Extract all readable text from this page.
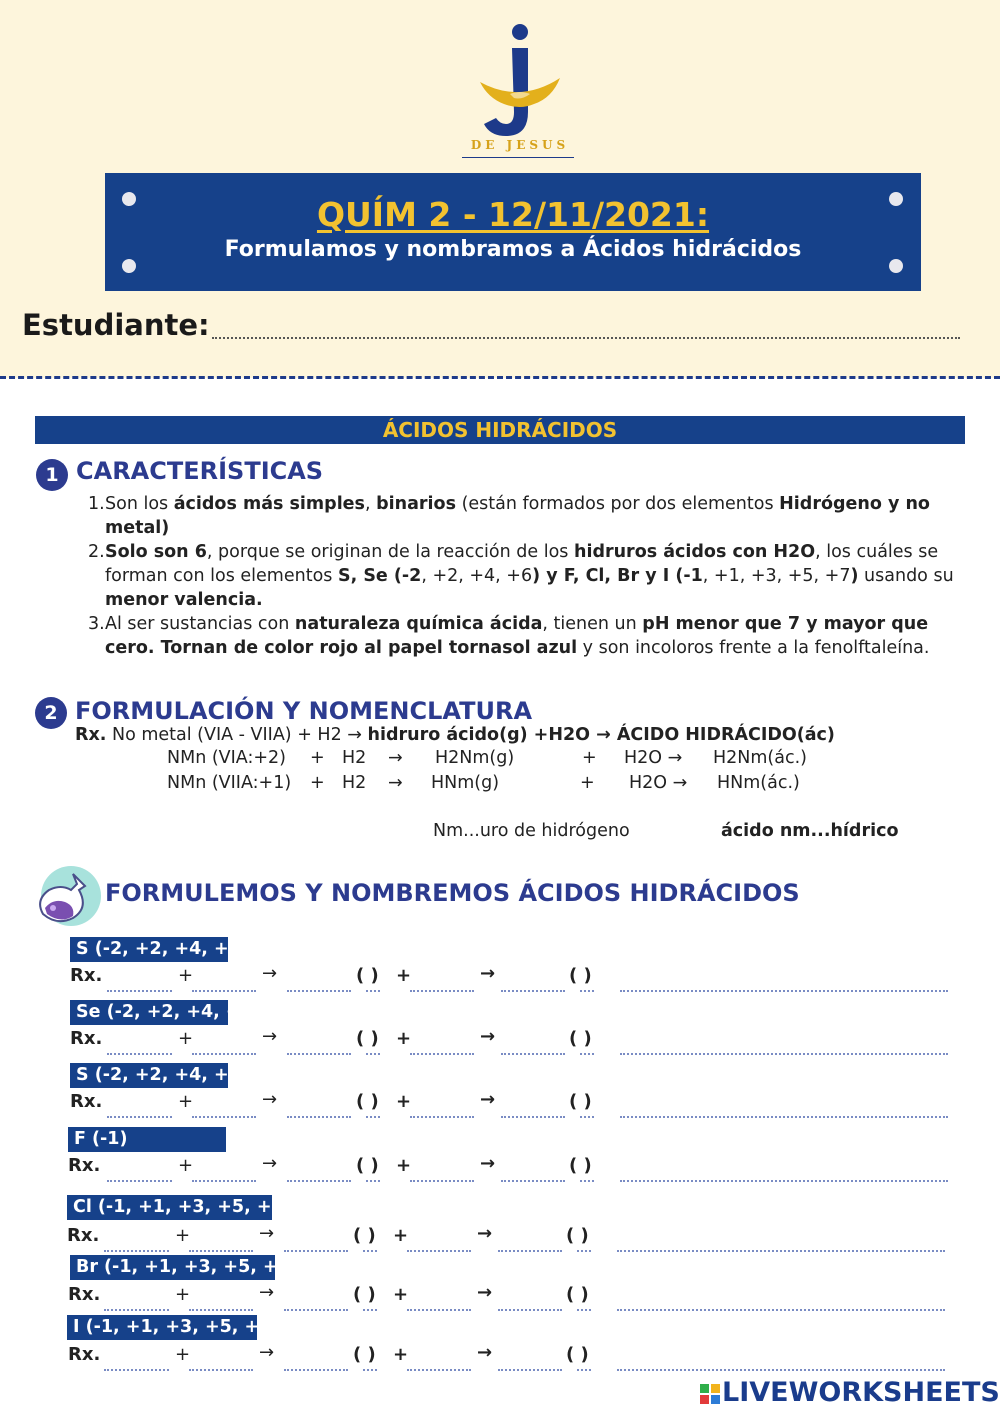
DE JESUS
QUÍM 2 - 12/11/2021:
Formulamos y nombramos a Ácidos hidrácidos
Estudiante:
ÁCIDOS HIDRÁCIDOS
1 CARACTERÍSTICAS
1. Son los ácidos más simples, binarios (están formados por dos elementos Hidrógeno y no metal)
2. Solo son 6, porque se originan de la reacción de los hidruros ácidos con H2O, los cuáles se forman con los elementos S, Se (-2, +2, +4, +6) y F, Cl, Br y I (-1, +1, +3, +5, +7) usando su menor valencia.
3. Al ser sustancias con naturaleza química ácida, tienen un pH menor que 7 y mayor que cero. Tornan de color rojo al papel tornasol azul y son incoloros frente a la fenolftaleína.
2 FORMULACIÓN Y NOMENCLATURA
Rx. No metal (VIA - VIIA) + H2 → hidruro ácido(g) +H2O → ÁCIDO HIDRÁCIDO(ác)
NMn (VIA:+2) + H2 → H2Nm(g)	+ H2O → H2Nm(ác.)
NMn (VIIA:+1) + H2 → HNm(g)	+ H2O → HNm(ác.)
Nm...uro de hidrógeno	ácido nm...hídrico
FORMULEMOS Y NOMBREMOS ÁCIDOS HIDRÁCIDOS
S (-2, +2, +4, +6)
Rx.	+	→	( ) +	→	( )
Se (-2, +2, +4, +6)
Rx.	+	→	( ) +	→	( )
S (-2, +2, +4, +6)
Rx.	+	→	( ) +	→	( )
F (-1)
Rx.	+	→	( ) +	→	( )
Cl (-1, +1, +3, +5, +7)
Rx.	+	→	( ) +	→	( )
Br (-1, +1, +3, +5, +7)
Rx.	+	→	( ) +	→	( )
I (-1, +1, +3, +5, +7)
Rx.	+	→	( ) +	→	( )
LIVEWORKSHEETS
